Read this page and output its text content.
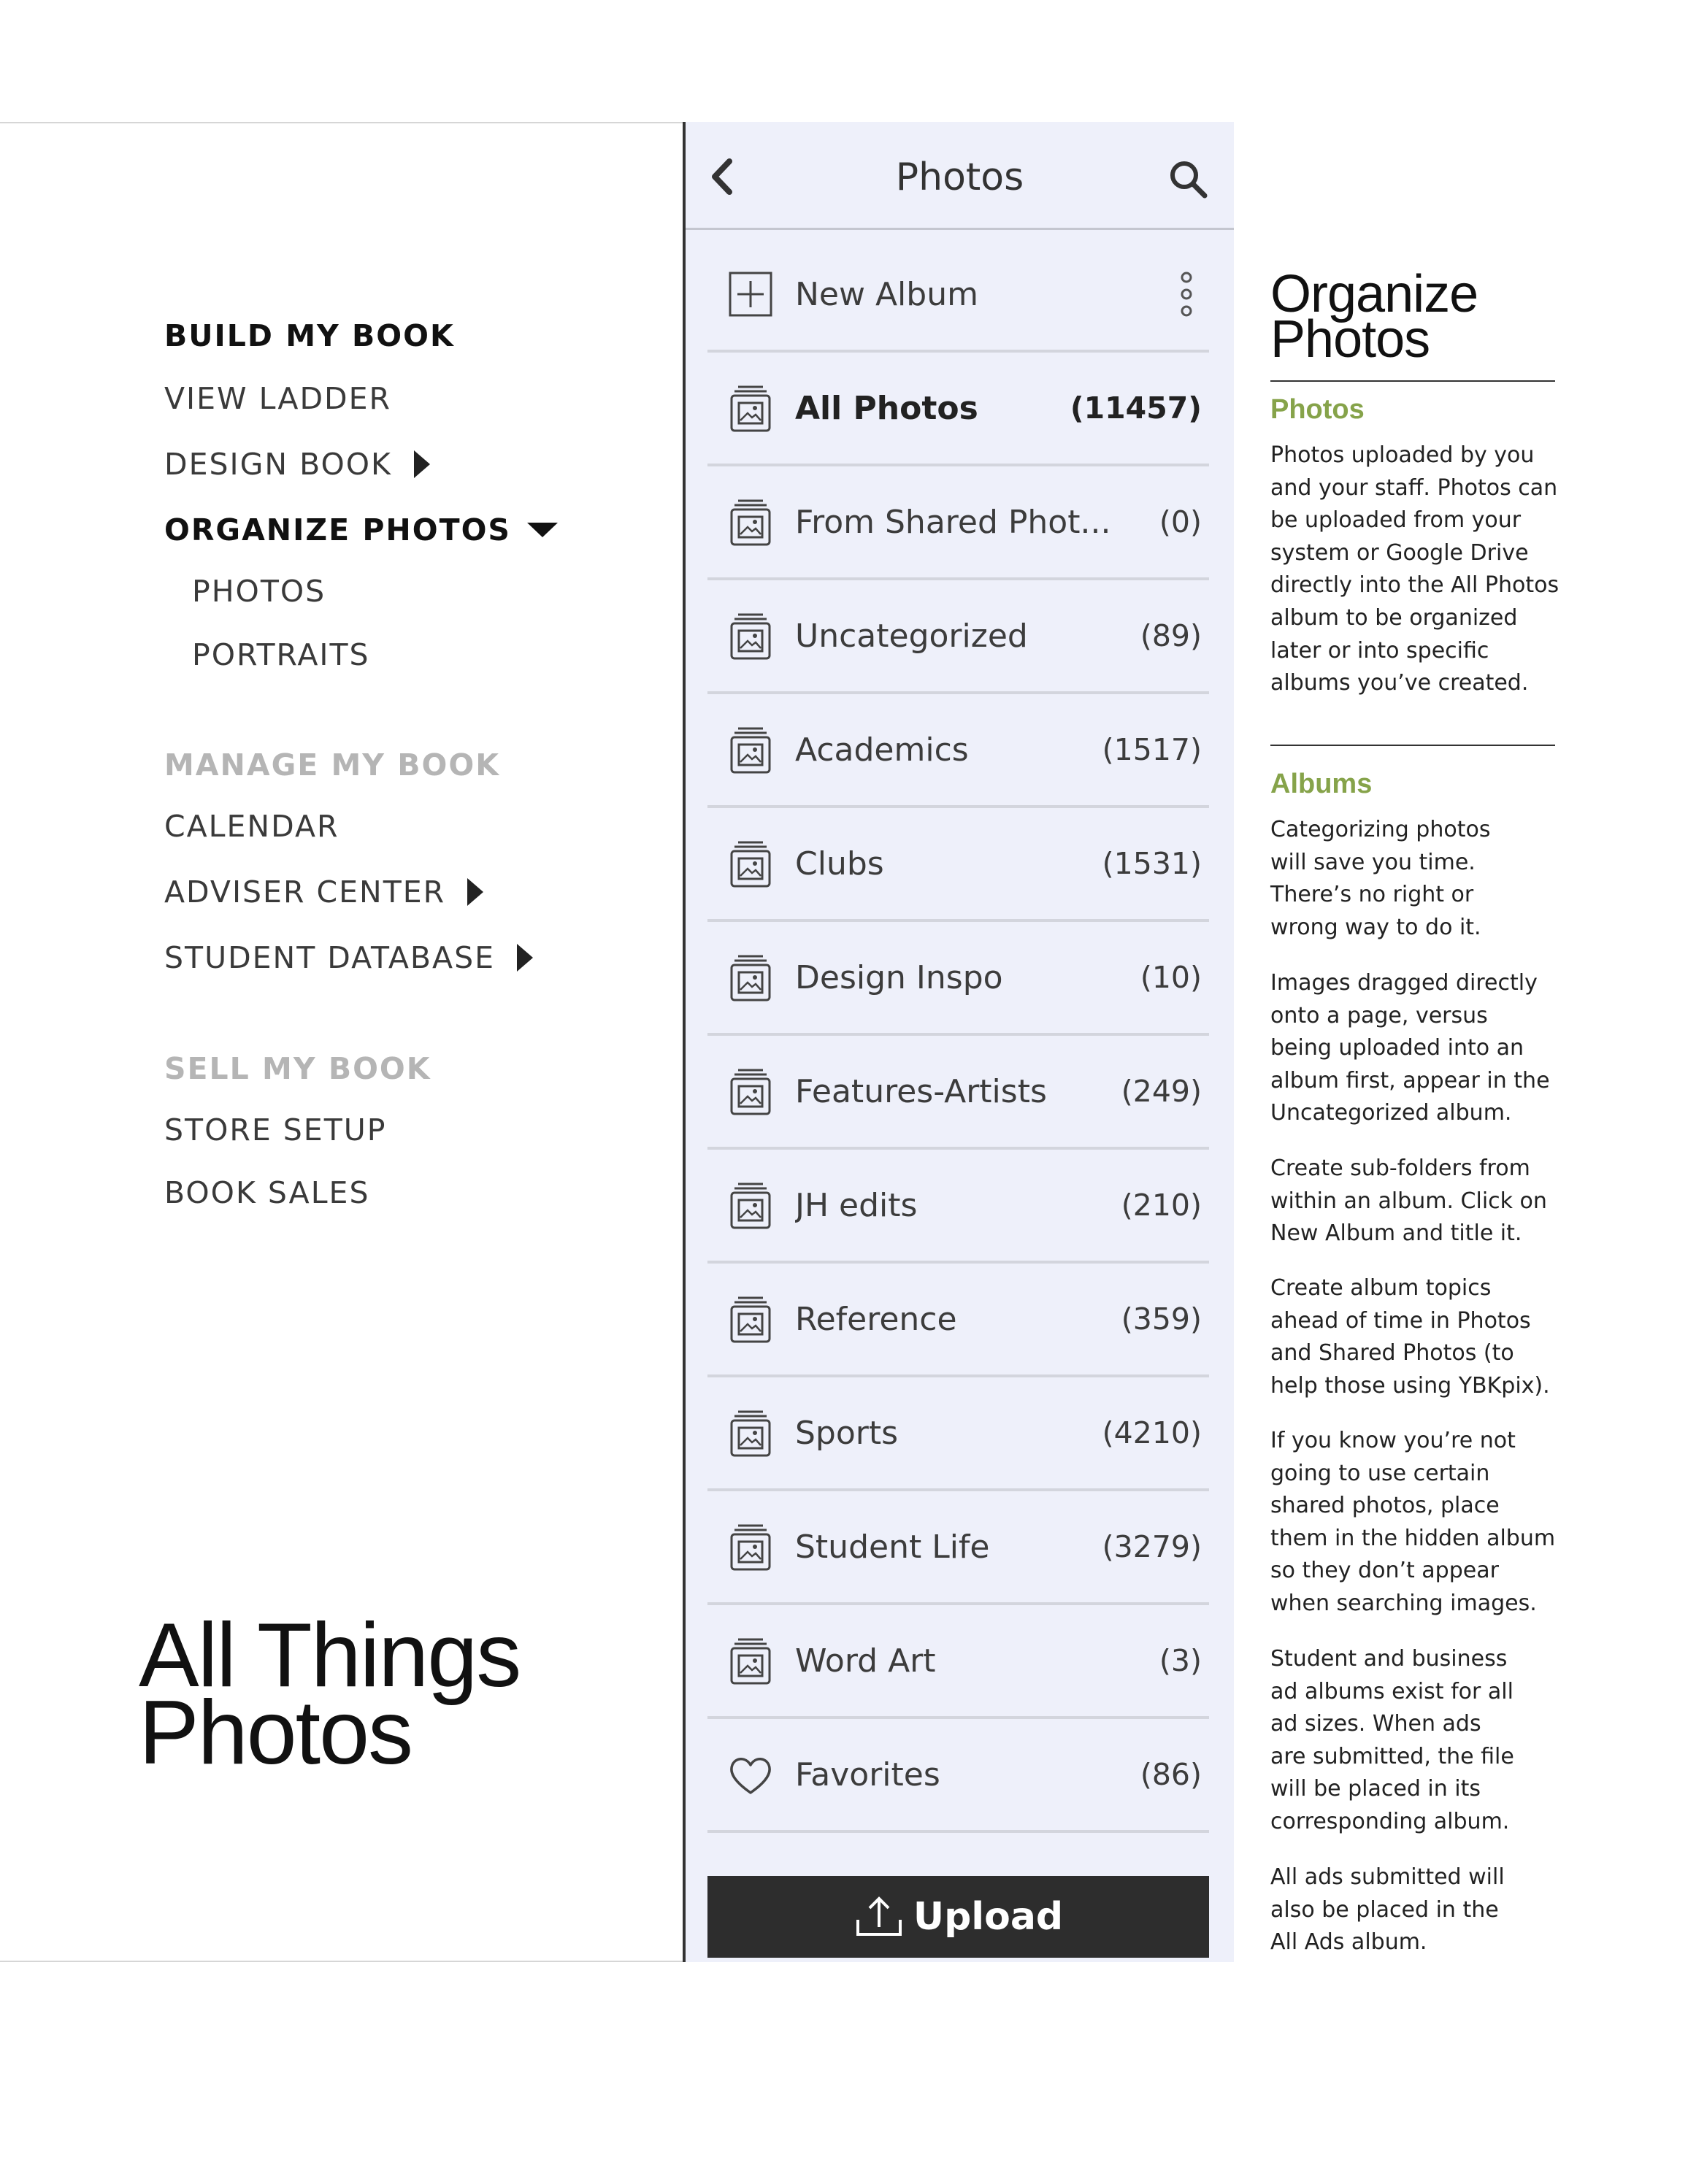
BUILD MY BOOK
VIEW LADDER
DESIGN BOOK
ORGANIZE PHOTOS
PHOTOS
PORTRAITS
MANAGE MY BOOK
CALENDAR
ADVISER CENTER
STUDENT DATABASE
SELL MY BOOK
STORE SETUP
BOOK SALES
All Things
Photos
Photos
New Album
All Photos	(11457)
From Shared Phot...	(0)
Uncategorized	(89)
Academics	(1517)
Clubs	(1531)
Design Inspo	(10)
Features-Artists	(249)
JH edits	(210)
Reference	(359)
Sports	(4210)
Student Life	(3279)
Word Art	(3)
Favorites	(86)
Upload
Organize
Photos
Photos
Photos uploaded by you
and your staff. Photos can
be uploaded from your
system or Google Drive
directly into the All Photos
album to be organized
later or into specific
albums you’ve created.
Albums
Categorizing photos
will save you time.
There’s no right or
wrong way to do it.
Images dragged directly
onto a page, versus
being uploaded into an
album first, appear in the
Uncategorized album.
Create sub-folders from
within an album. Click on
New Album and title it.
Create album topics
ahead of time in Photos
and Shared Photos (to
help those using YBKpix).
If you know you’re not
going to use certain
shared photos, place
them in the hidden album
so they don’t appear
when searching images.
Student and business
ad albums exist for all
ad sizes. When ads
are submitted, the file
will be placed in its
corresponding album.
All ads submitted will
also be placed in the
All Ads album.
